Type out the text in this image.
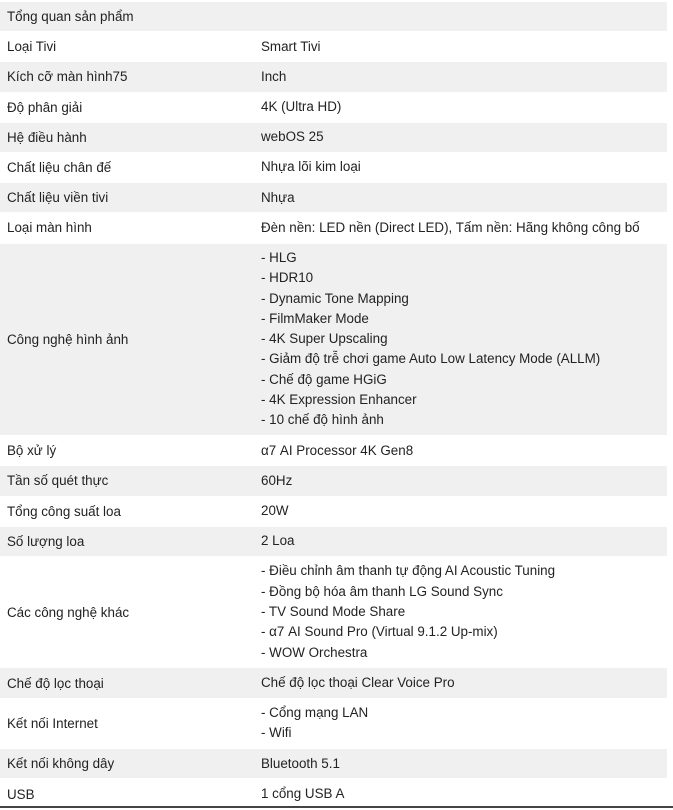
Tổng quan sản phẩm
Loại Tivi	Smart Tivi
Kích cỡ màn hình75	Inch
Độ phân giải	4K (Ultra HD)
Hệ điều hành	webOS 25
Chất liệu chân đế	Nhựa lõi kim loại
Chất liệu viền tivi	Nhựa
Loại màn hình	Đèn nền: LED nền (Direct LED), Tấm nền: Hãng không công bố
Công nghệ hình ảnh
- HLG
- HDR10
- Dynamic Tone Mapping
- FilmMaker Mode
- 4K Super Upscaling
- Giảm độ trễ chơi game Auto Low Latency Mode (ALLM)
- Chế độ game HGiG
- 4K Expression Enhancer
- 10 chế độ hình ảnh
Bộ xử lý	α7 AI Processor 4K Gen8
Tần số quét thực	60Hz
Tổng công suất loa	20W
Số lượng loa	2 Loa
Các công nghệ khác
- Điều chỉnh âm thanh tự động AI Acoustic Tuning
- Đồng bộ hóa âm thanh LG Sound Sync
- TV Sound Mode Share
- α7 AI Sound Pro (Virtual 9.1.2 Up-mix)
- WOW Orchestra
Chế độ lọc thoại	Chế độ lọc thoại Clear Voice Pro
Kết nối Internet
- Cổng mạng LAN
- Wifi
Kết nối không dây	Bluetooth 5.1
USB	1 cổng USB A
